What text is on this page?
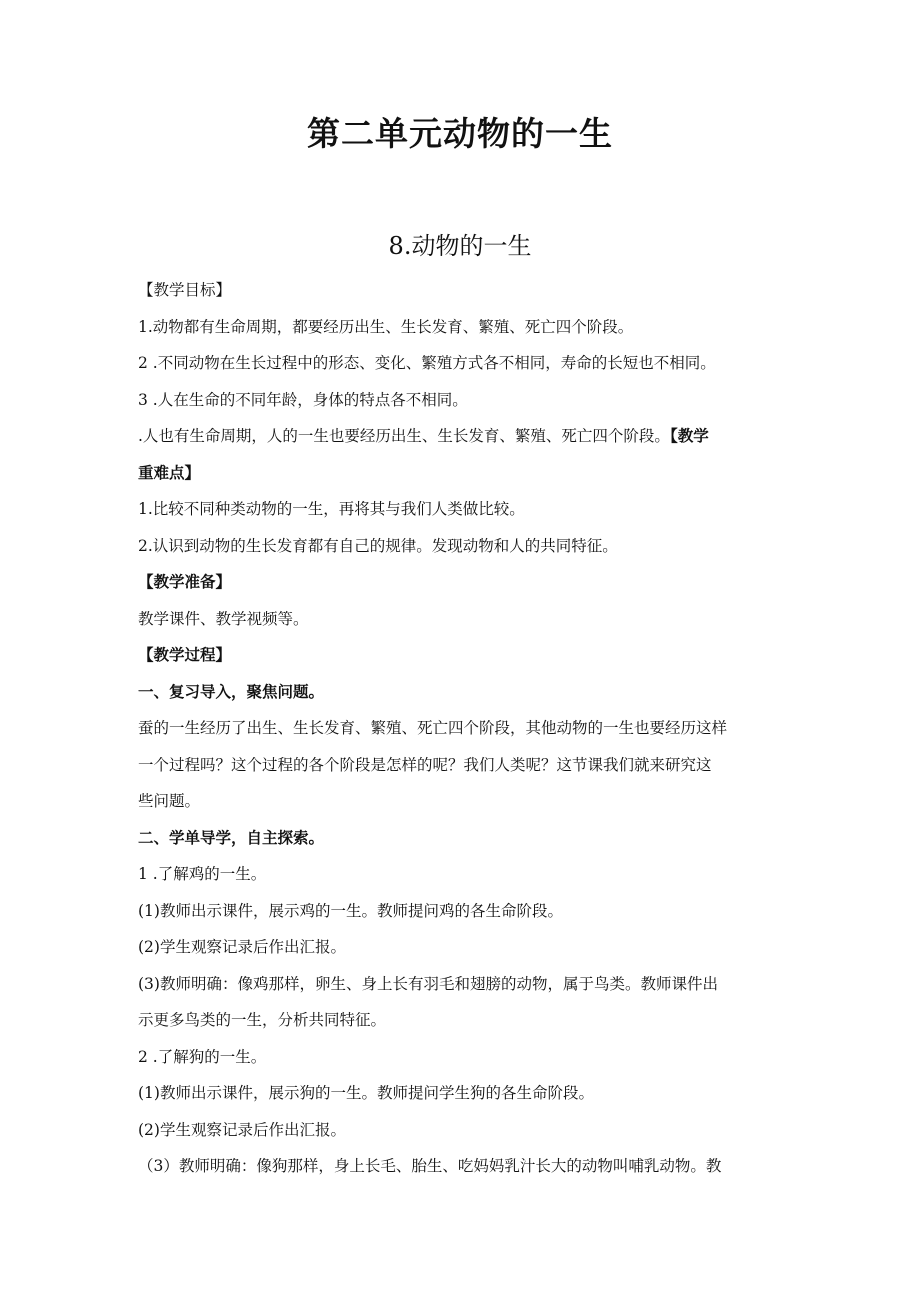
第二单元动物的一生
8.动物的一生
【教学目标】
1.动物都有生命周期，都要经历出生、生长发育、繁殖、死亡四个阶段。
2 .不同动物在生长过程中的形态、变化、繁殖方式各不相同，寿命的长短也不相同。
3 .人在生命的不同年龄，身体的特点各不相同。
.人也有生命周期，人的一生也要经历出生、生长发育、繁殖、死亡四个阶段。【教学
重难点】
1.比较不同种类动物的一生，再将其与我们人类做比较。
2.认识到动物的生长发育都有自己的规律。发现动物和人的共同特征。
【教学准备】
教学课件、教学视频等。
【教学过程】
一、复习导入，聚焦问题。
蚕的一生经历了出生、生长发育、繁殖、死亡四个阶段，其他动物的一生也要经历这样
一个过程吗？这个过程的各个阶段是怎样的呢？我们人类呢？这节课我们就来研究这
些问题。
二、学单导学，自主探索。
1 .了解鸡的一生。
(1)教师出示课件，展示鸡的一生。教师提问鸡的各生命阶段。
(2)学生观察记录后作出汇报。
(3)教师明确：像鸡那样，卵生、身上长有羽毛和翅膀的动物，属于鸟类。教师课件出
示更多鸟类的一生，分析共同特征。
2 .了解狗的一生。
(1)教师出示课件，展示狗的一生。教师提问学生狗的各生命阶段。
(2)学生观察记录后作出汇报。
（3）教师明确：像狗那样，身上长毛、胎生、吃妈妈乳汁长大的动物叫哺乳动物。教
